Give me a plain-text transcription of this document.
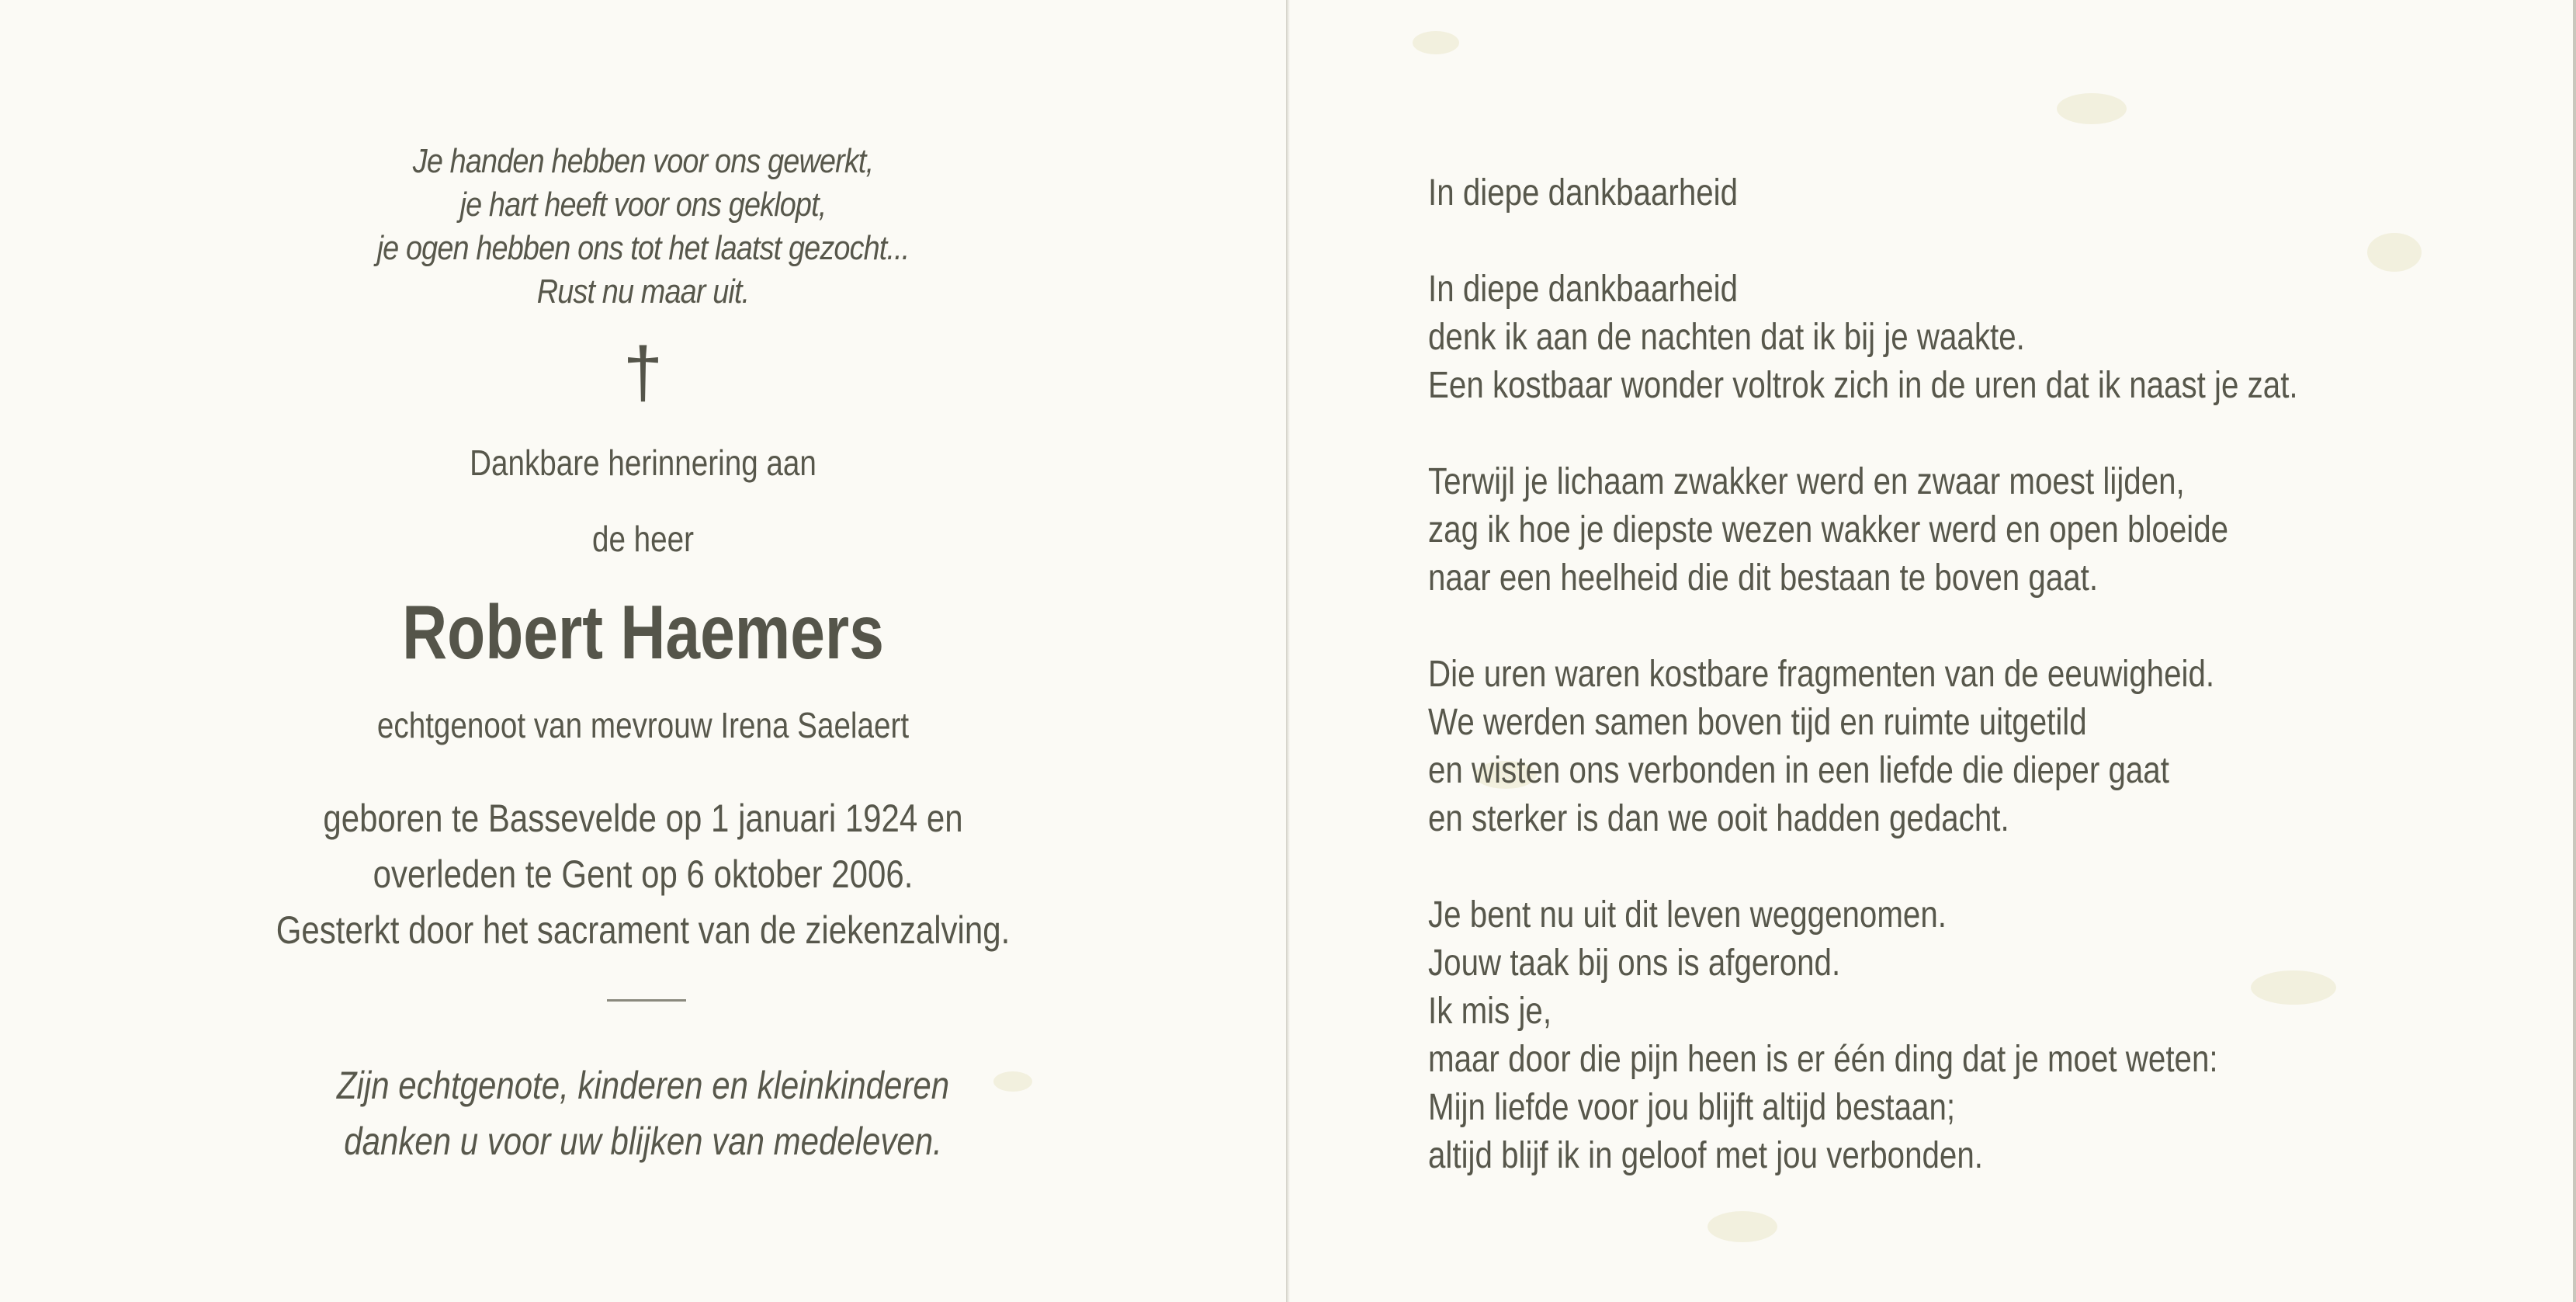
Je handen hebben voor ons gewerkt,
je hart heeft voor ons geklopt,
je ogen hebben ons tot het laatst gezocht...
Rust nu maar uit.
†
Dankbare herinnering aan
de heer
Robert Haemers
echtgenoot van mevrouw Irena Saelaert
geboren te Bassevelde op 1 januari 1924 en
overleden te Gent op 6 oktober 2006.
Gesterkt door het sacrament van de ziekenzalving.
Zijn echtgenote, kinderen en kleinkinderen
danken u voor uw blijken van medeleven.
In diepe dankbaarheid
In diepe dankbaarheid
denk ik aan de nachten dat ik bij je waakte.
Een kostbaar wonder voltrok zich in de uren dat ik naast je zat.
Terwijl je lichaam zwakker werd en zwaar moest lijden,
zag ik hoe je diepste wezen wakker werd en open bloeide
naar een heelheid die dit bestaan te boven gaat.
Die uren waren kostbare fragmenten van de eeuwigheid.
We werden samen boven tijd en ruimte uitgetild
en wisten ons verbonden in een liefde die dieper gaat
en sterker is dan we ooit hadden gedacht.
Je bent nu uit dit leven weggenomen.
Jouw taak bij ons is afgerond.
Ik mis je,
maar door die pijn heen is er één ding dat je moet weten:
Mijn liefde voor jou blijft altijd bestaan;
altijd blijf ik in geloof met jou verbonden.
